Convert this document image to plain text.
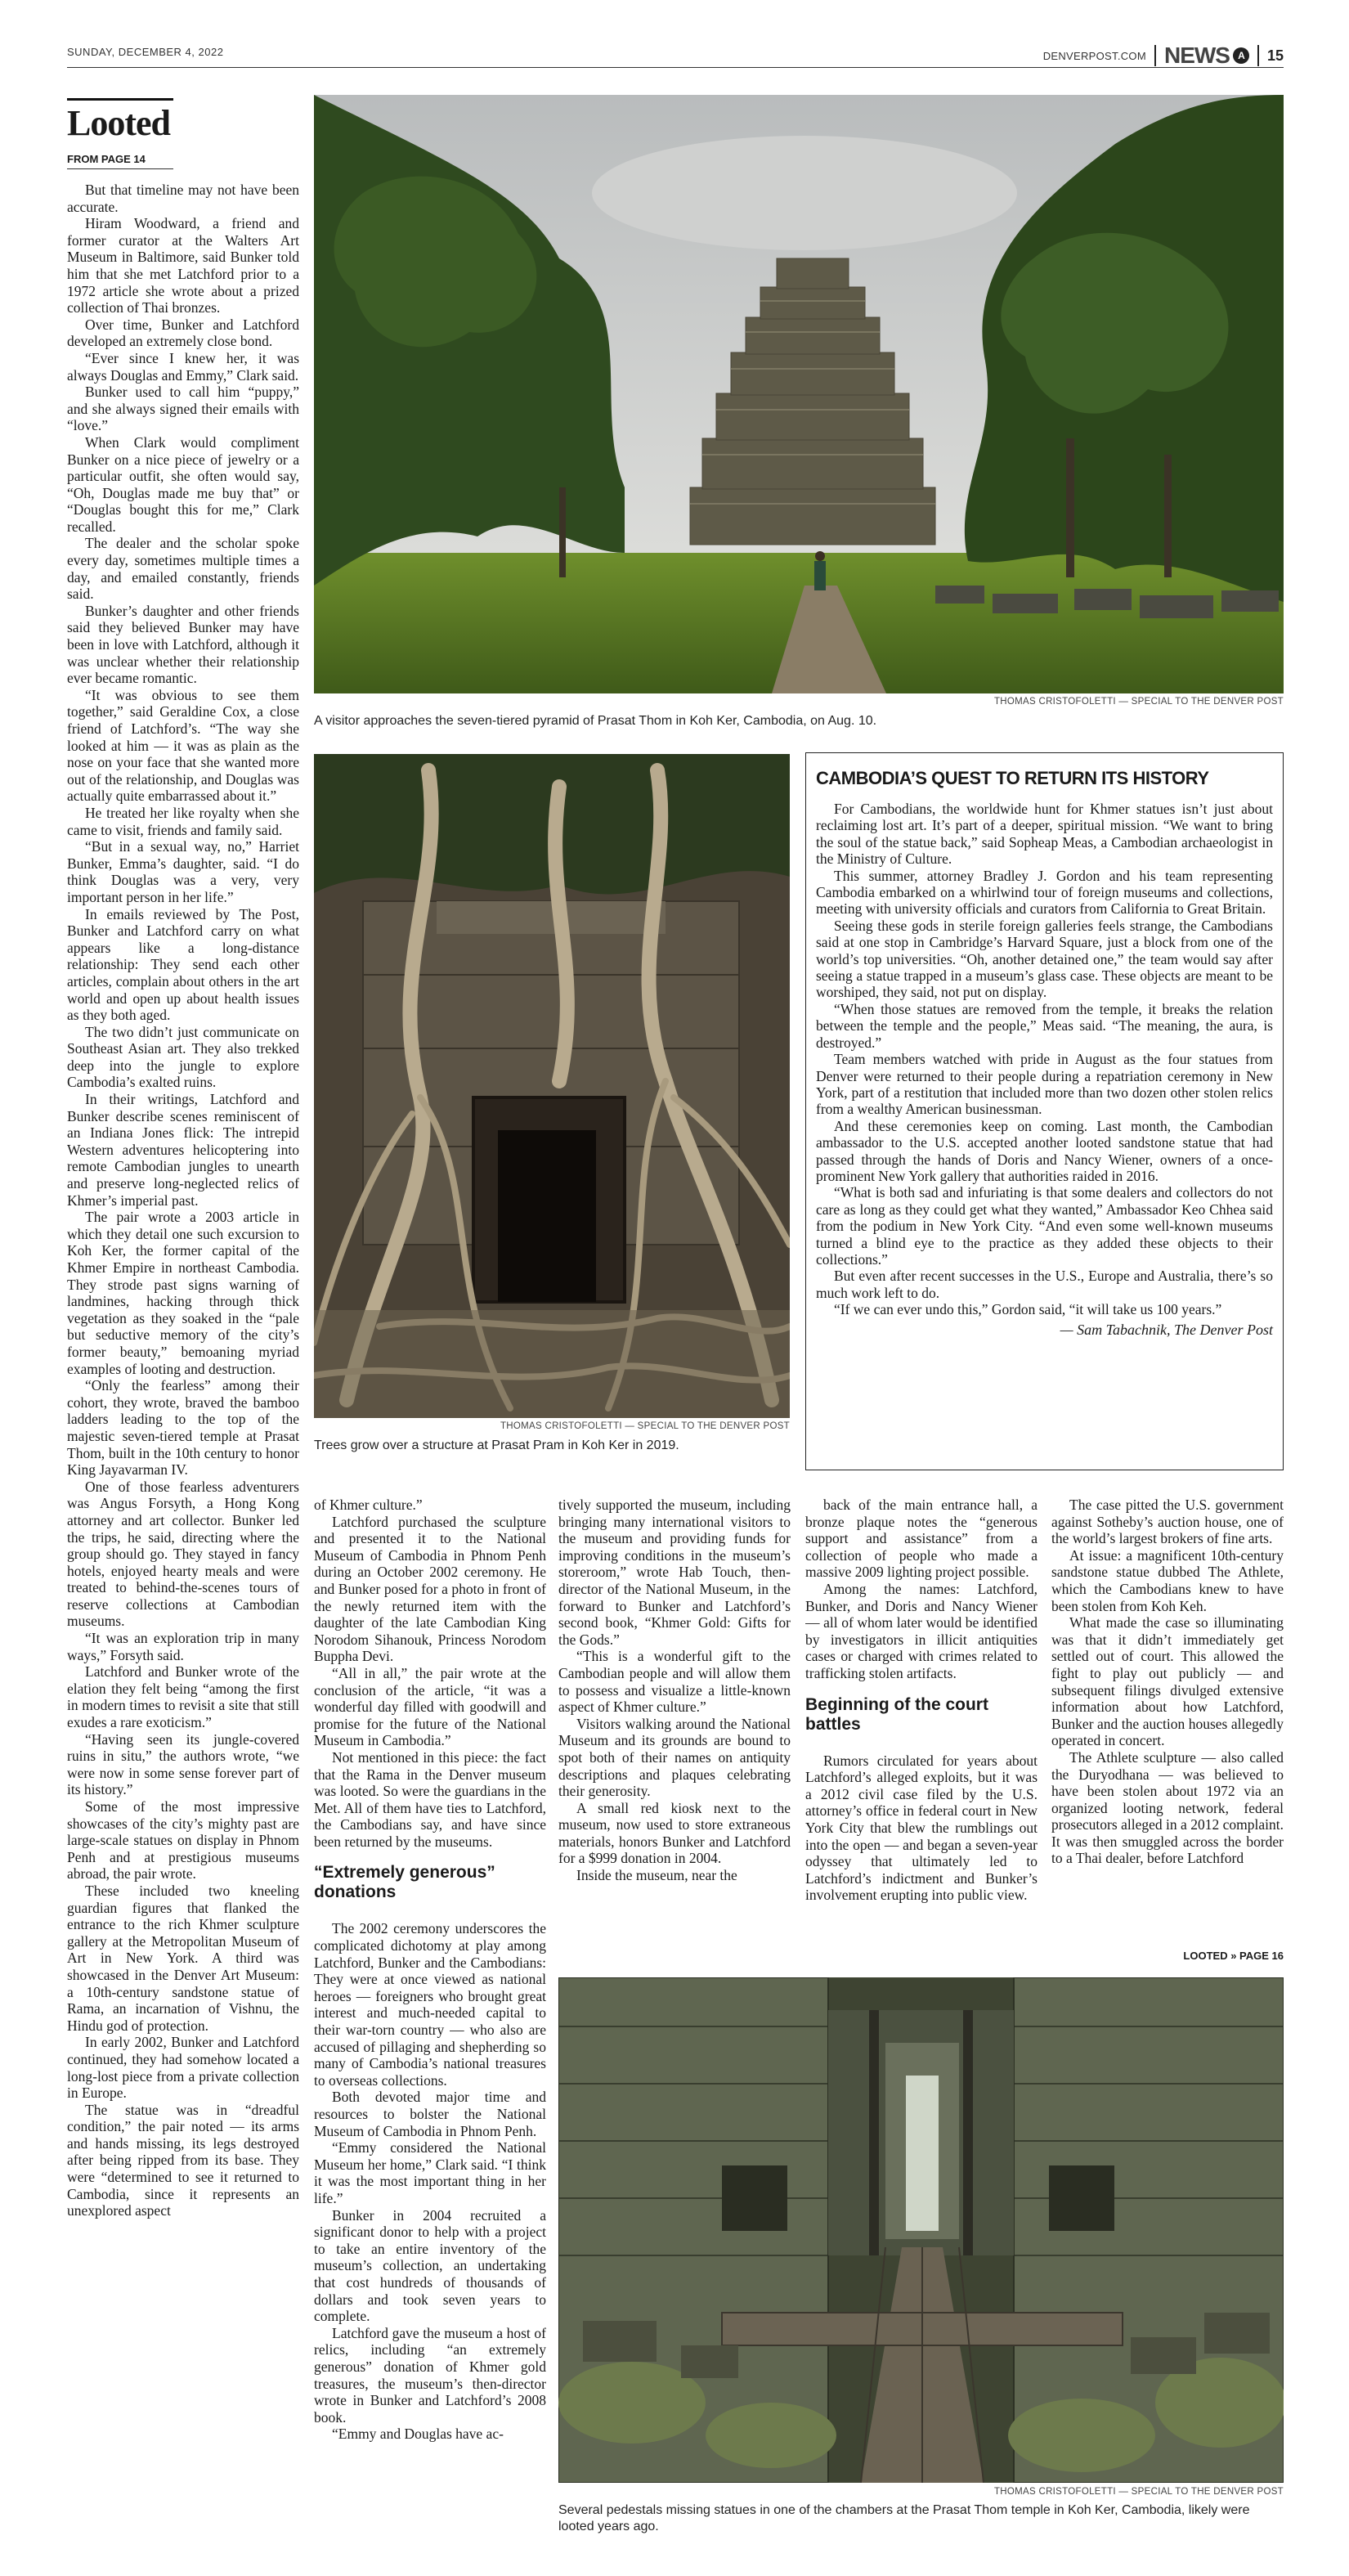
SUNDAY, DECEMBER 4, 2022	DENVERPOST.COM NEWS A	15
Looted
FROM PAGE 14

But that timeline may not have been accurate.

Hiram Woodward, a friend and former curator at the Walters Art Museum in Baltimore, said Bunker told him that she met Latchford prior to a 1972 article she wrote about a prized collection of Thai bronzes.

Over time, Bunker and Latchford developed an extremely close bond.

“Ever since I knew her, it was always Douglas and Emmy,” Clark said.

Bunker used to call him “puppy,” and she always signed their emails with “love.”

When Clark would compliment Bunker on a nice piece of jewelry or a particular outfit, she often would say, “Oh, Douglas made me buy that” or “Douglas bought this for me,” Clark recalled.

The dealer and the scholar spoke every day, sometimes multiple times a day, and emailed constantly, friends said.

Bunker’s daughter and other friends said they believed Bunker may have been in love with Latchford, although it was unclear whether their relationship ever became romantic.

“It was obvious to see them together,” said Geraldine Cox, a close friend of Latchford’s. “The way she looked at him — it was as plain as the nose on your face that she wanted more out of the relationship, and Douglas was actually quite embarrassed about it.”

He treated her like royalty when she came to visit, friends and family said.

“But in a sexual way, no,” Harriet Bunker, Emma’s daughter, said. “I do think Douglas was a very, very important person in her life.”

In emails reviewed by The Post, Bunker and Latchford carry on what appears like a long-distance relationship: They send each other articles, complain about others in the art world and open up about health issues as they both aged.

The two didn’t just communicate on Southeast Asian art. They also trekked deep into the jungle to explore Cambodia’s exalted ruins.

In their writings, Latchford and Bunker describe scenes reminiscent of an Indiana Jones flick: The intrepid Western adventures helicoptering into remote Cambodian jungles to unearth and preserve long-neglected relics of Khmer’s imperial past.

The pair wrote a 2003 article in which they detail one such excursion to Koh Ker, the former capital of the Khmer Empire in northeast Cambodia. They strode past signs warning of landmines, hacking through thick vegetation as they soaked in the “pale but seductive memory of the city’s former beauty,” bemoaning myriad examples of looting and destruction.

“Only the fearless” among their cohort, they wrote, braved the bamboo ladders leading to the top of the majestic seven-tiered temple at Prasat Thom, built in the 10th century to honor King Jayavarman IV.

One of those fearless adventurers was Angus Forsyth, a Hong Kong attorney and art collector. Bunker led the trips, he said, directing where the group should go. They stayed in fancy hotels, enjoyed hearty meals and were treated to behind-the-scenes tours of reserve collections at Cambodian museums.

“It was an exploration trip in many ways,” Forsyth said.

Latchford and Bunker wrote of the elation they felt being “among the first in modern times to revisit a site that still exudes a rare exoticism.”

“Having seen its jungle-covered ruins in situ,” the authors wrote, “we were now in some sense forever part of its history.”

Some of the most impressive showcases of the city’s mighty past are large-scale statues on display in Phnom Penh and at prestigious museums abroad, the pair wrote.

These included two kneeling guardian figures that flanked the entrance to the rich Khmer sculpture gallery at the Metropolitan Museum of Art in New York. A third was showcased in the Denver Art Museum: a 10th-century sandstone statue of Rama, an incarnation of Vishnu, the Hindu god of protection.

In early 2002, Bunker and Latchford continued, they had somehow located a long-lost piece from a private collection in Europe.

The statue was in “dreadful condition,” the pair noted — its arms and hands missing, its legs destroyed after being ripped from its base. They were “determined to see it returned to Cambodia, since it represents an unexplored aspect

THOMAS CRISTOFOLETTI — SPECIAL TO THE DENVER POST
A visitor approaches the seven-tiered pyramid of Prasat Thom in Koh Ker, Cambodia, on Aug. 10.
THOMAS CRISTOFOLETTI — SPECIAL TO THE DENVER POST
Trees grow over a structure at Prasat Pram in Koh Ker in 2019.
CAMBODIA’S QUEST TO RETURN ITS HISTORY

For Cambodians, the worldwide hunt for Khmer statues isn’t just about reclaiming lost art. It’s part of a deeper, spiritual mission. “We want to bring the soul of the statue back,” said Sopheap Meas, a Cambodian archaeologist in the Ministry of Culture.

This summer, attorney Bradley J. Gordon and his team representing Cambodia embarked on a whirlwind tour of foreign museums and collections, meeting with university officials and curators from California to Great Britain.

Seeing these gods in sterile foreign galleries feels strange, the Cambodians said at one stop in Cambridge’s Harvard Square, just a block from one of the world’s top universities. “Oh, another detained one,” the team would say after seeing a statue trapped in a museum’s glass case. These objects are meant to be worshiped, they said, not put on display.

“When those statues are removed from the temple, it breaks the relation between the temple and the people,” Meas said. “The meaning, the aura, is destroyed.”

Team members watched with pride in August as the four statues from Denver were returned to their people during a repatriation ceremony in New York, part of a restitution that included more than two dozen other stolen relics from a wealthy American businessman.

And these ceremonies keep on coming. Last month, the Cambodian ambassador to the U.S. accepted another looted sandstone statue that had passed through the hands of Doris and Nancy Wiener, owners of a once-prominent New York gallery that authorities raided in 2016.

“What is both sad and infuriating is that some dealers and collectors do not care as long as they could get what they wanted,” Ambassador Keo Chhea said from the podium in New York City. “And even some well-known museums turned a blind eye to the practice as they added these objects to their collections.”

But even after recent successes in the U.S., Europe and Australia, there’s so much work left to do.

“If we can ever undo this,” Gordon said, “it will take us 100 years.”

— Sam Tabachnik, The Denver Post

of Khmer culture.”

Latchford purchased the sculpture and presented it to the National Museum of Cambodia in Phnom Penh during an October 2002 ceremony. He and Bunker posed for a photo in front of the newly returned item with the daughter of the late Cambodian King Norodom Sihanouk, Princess Norodom Buppha Devi.

“All in all,” the pair wrote at the conclusion of the article, “it was a wonderful day filled with goodwill and promise for the future of the National Museum in Cambodia.”

Not mentioned in this piece: the fact that the Rama in the Denver museum was looted. So were the guardians in the Met. All of them have ties to Latchford, the Cambodians say, and have since been returned by the museums.

“Extremely generous” donations

The 2002 ceremony underscores the complicated dichotomy at play among Latchford, Bunker and the Cambodians: They were at once viewed as national heroes — foreigners who brought great interest and much-needed capital to their war-torn country — who also are accused of pillaging and shepherding so many of Cambodia’s national treasures to overseas collections.

Both devoted major time and resources to bolster the National Museum of Cambodia in Phnom Penh.

“Emmy considered the National Museum her home,” Clark said. “I think it was the most important thing in her life.”

Bunker in 2004 recruited a significant donor to help with a project to take an entire inventory of the museum’s collection, an undertaking that cost hundreds of thousands of dollars and took seven years to complete.

Latchford gave the museum a host of relics, including “an extremely generous” donation of Khmer gold treasures, the museum’s then-director wrote in Bunker and Latchford’s 2008 book.

“Emmy and Douglas have ac-

tively supported the museum, including bringing many international visitors to the museum and providing funds for improving conditions in the museum’s storeroom,” wrote Hab Touch, then-director of the National Museum, in the forward to Bunker and Latchford’s second book, “Khmer Gold: Gifts for the Gods.”

“This is a wonderful gift to the Cambodian people and will allow them to possess and visualize a little-known aspect of Khmer culture.”

Visitors walking around the National Museum and its grounds are bound to spot both of their names on antiquity descriptions and plaques celebrating their generosity.

A small red kiosk next to the museum, now used to store extraneous materials, honors Bunker and Latchford for a $999 donation in 2004.

Inside the museum, near the

back of the main entrance hall, a bronze plaque notes the “generous support and assistance” from a collection of people who made a massive 2009 lighting project possible.

Among the names: Latchford, Bunker, and Doris and Nancy Wiener — all of whom later would be identified by investigators in illicit antiquities cases or charged with crimes related to trafficking stolen artifacts.

Beginning of the court battles

Rumors circulated for years about Latchford’s alleged exploits, but it was a 2012 civil case filed by the U.S. attorney’s office in federal court in New York City that blew the rumblings out into the open — and began a seven-year odyssey that ultimately led to Latchford’s indictment and Bunker’s involvement erupting into public view.

The case pitted the U.S. government against Sotheby’s auction house, one of the world’s largest brokers of fine arts.

At issue: a magnificent 10th-century sandstone statue dubbed The Athlete, which the Cambodians knew to have been stolen from Koh Keh.

What made the case so illuminating was that it didn’t immediately get settled out of court. This allowed the fight to play out publicly — and subsequent filings divulged extensive information about how Latchford, Bunker and the auction houses allegedly operated in concert.

The Athlete sculpture — also called the Duryodhana — was believed to have been stolen about 1972 via an organized looting network, federal prosecutors alleged in a 2012 complaint. It was then smuggled across the border to a Thai dealer, before Latchford

LOOTED » PAGE 16
THOMAS CRISTOFOLETTI — SPECIAL TO THE DENVER POST
Several pedestals missing statues in one of the chambers at the Prasat Thom temple in Koh Ker, Cambodia, likely were looted years ago.
